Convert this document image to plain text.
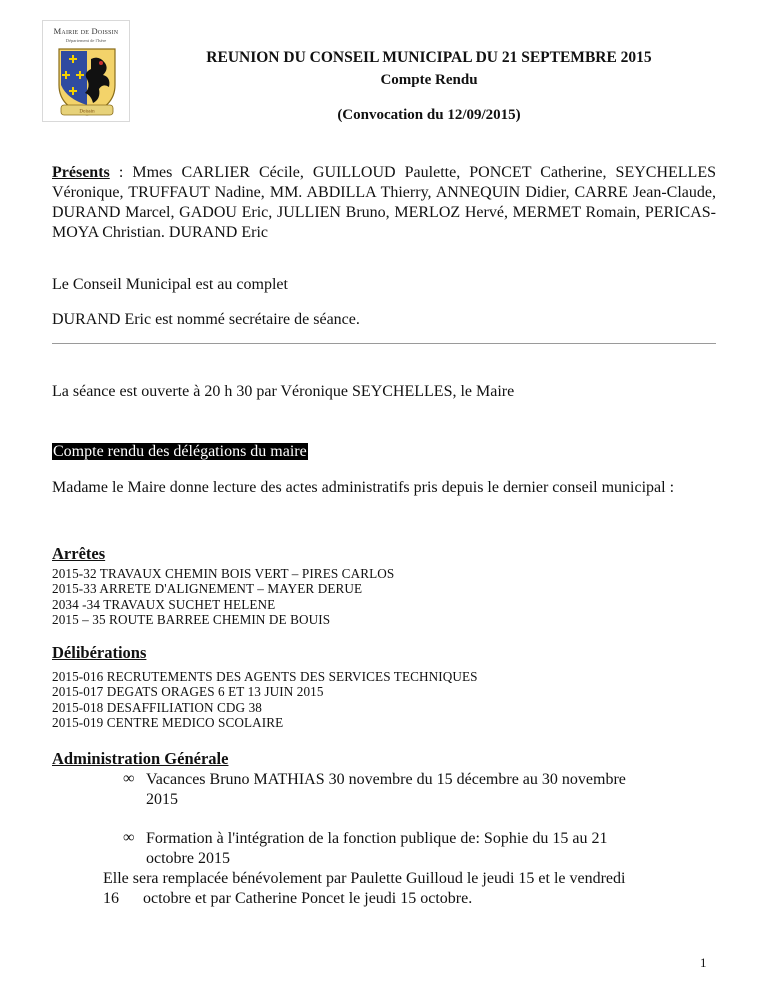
Mairie de Doissin
Département de l'Isère
Doissin
REUNION DU CONSEIL MUNICIPAL DU 21 SEPTEMBRE 2015
Compte Rendu
(Convocation du 12/09/2015)
Présents : Mmes CARLIER Cécile, GUILLOUD Paulette, PONCET Catherine, SEYCHELLES Véronique, TRUFFAUT Nadine, MM. ABDILLA Thierry, ANNEQUIN Didier, CARRE Jean-Claude, DURAND Marcel, GADOU Eric, JULLIEN Bruno, MERLOZ Hervé, MERMET Romain, PERICAS-MOYA Christian. DURAND Eric
Le Conseil Municipal est au complet
DURAND Eric est nommé secrétaire de séance.
La séance est ouverte à 20 h 30 par Véronique SEYCHELLES, le Maire
Compte rendu des délégations du maire
Madame le Maire donne lecture des actes administratifs pris depuis le dernier conseil municipal :
Arrêtes
2015-32 TRAVAUX CHEMIN BOIS VERT – PIRES CARLOS
2015-33 ARRETE D'ALIGNEMENT – MAYER DERUE
2034 -34 TRAVAUX SUCHET HELENE
2015 – 35 ROUTE BARREE CHEMIN DE BOUIS
Délibérations
2015-016 RECRUTEMENTS DES AGENTS DES SERVICES TECHNIQUES
2015-017 DEGATS ORAGES 6 ET 13 JUIN 2015
2015-018 DESAFFILIATION CDG 38
2015-019 CENTRE MEDICO SCOLAIRE
Administration Générale
∞ Vacances Bruno MATHIAS 30 novembre du 15 décembre au 30 novembre
2015
∞ Formation à l'intégration de la fonction publique de: Sophie du 15 au 21
octobre 2015
Elle sera remplacée bénévolement par Paulette Guilloud le jeudi 15 et le vendredi
16 octobre et par Catherine Poncet le jeudi 15 octobre.
1
